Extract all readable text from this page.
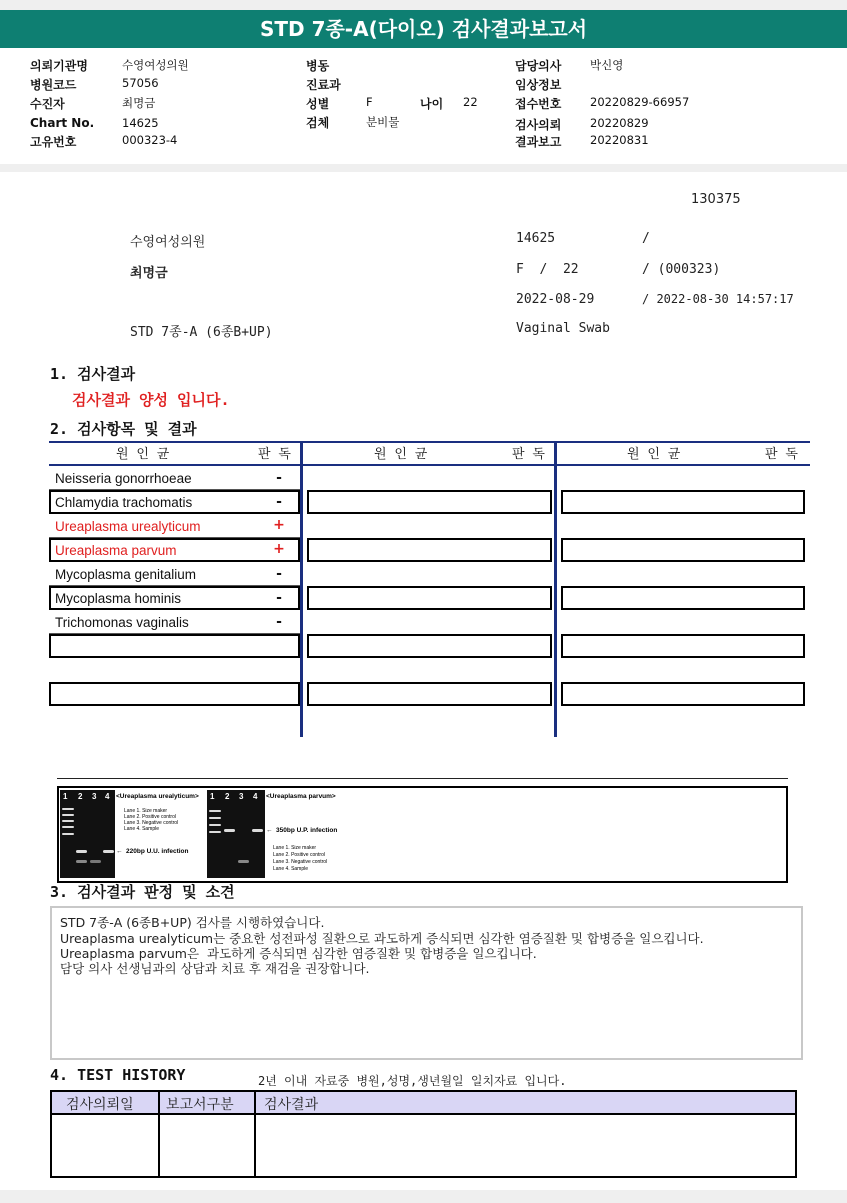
STD 7종-A(다이오) 검사결과보고서
의뢰기관명	수영여성의원
병원코드	57056
수진자	최명금
Chart No. 14625
고유번호	000323-4
병동
진료과
성별	F	나이 22
검체	분비물
담당의사 박신영
임상정보
접수번호 20220829-66957
검사의뢰 20220829
결과보고 20220831
130375
수영여성의원	14625	/
최명금	F  /  22	/ (000323)
2022-08-29	/ 2022-08-30 14:57:17
STD 7종-A (6종B+UP)	Vaginal Swab
1. 검사결과
검사결과 양성 입니다.
2. 검사항목 및 결과
원 인 균	판 독	원 인 균	판 독	원 인 균	판 독
Neisseria gonorrhoeae	-
Chlamydia trachomatis	-
Ureaplasma urealyticum	+
Ureaplasma parvum	+
Mycoplasma genitalium	-
Mycoplasma hominis	-
Trichomonas vaginalis	-
1 2 3 4 <Ureaplasma urealyticum>
Lane 1. Size maker
Lane 2. Positive control
Lane 3. Negative control
Lane 4. Sample
← 220bp U.U. infection
1 2 3 4 <Ureaplasma parvum>
← 350bp U.P. infection
Lane 1. Size maker
Lane 2. Positive control
Lane 3. Negative control
Lane 4. Sample
3. 검사결과 판정 및 소견
STD 7종-A (6종B+UP) 검사를 시행하였습니다.
Ureaplasma urealyticum는 중요한 성전파성 질환으로 과도하게 증식되면 심각한 염증질환 및 합병증을 일으킵니다.
Ureaplasma parvum은  과도하게 증식되면 심각한 염증질환 및 합병증을 일으킵니다.
담당 의사 선생님과의 상담과 치료 후 재검을 권장합니다.
4. TEST HISTORY	2년 이내 자료중 병원,성명,생년월일 일치자료 입니다.
검사의뢰일 보고서구분 검사결과
